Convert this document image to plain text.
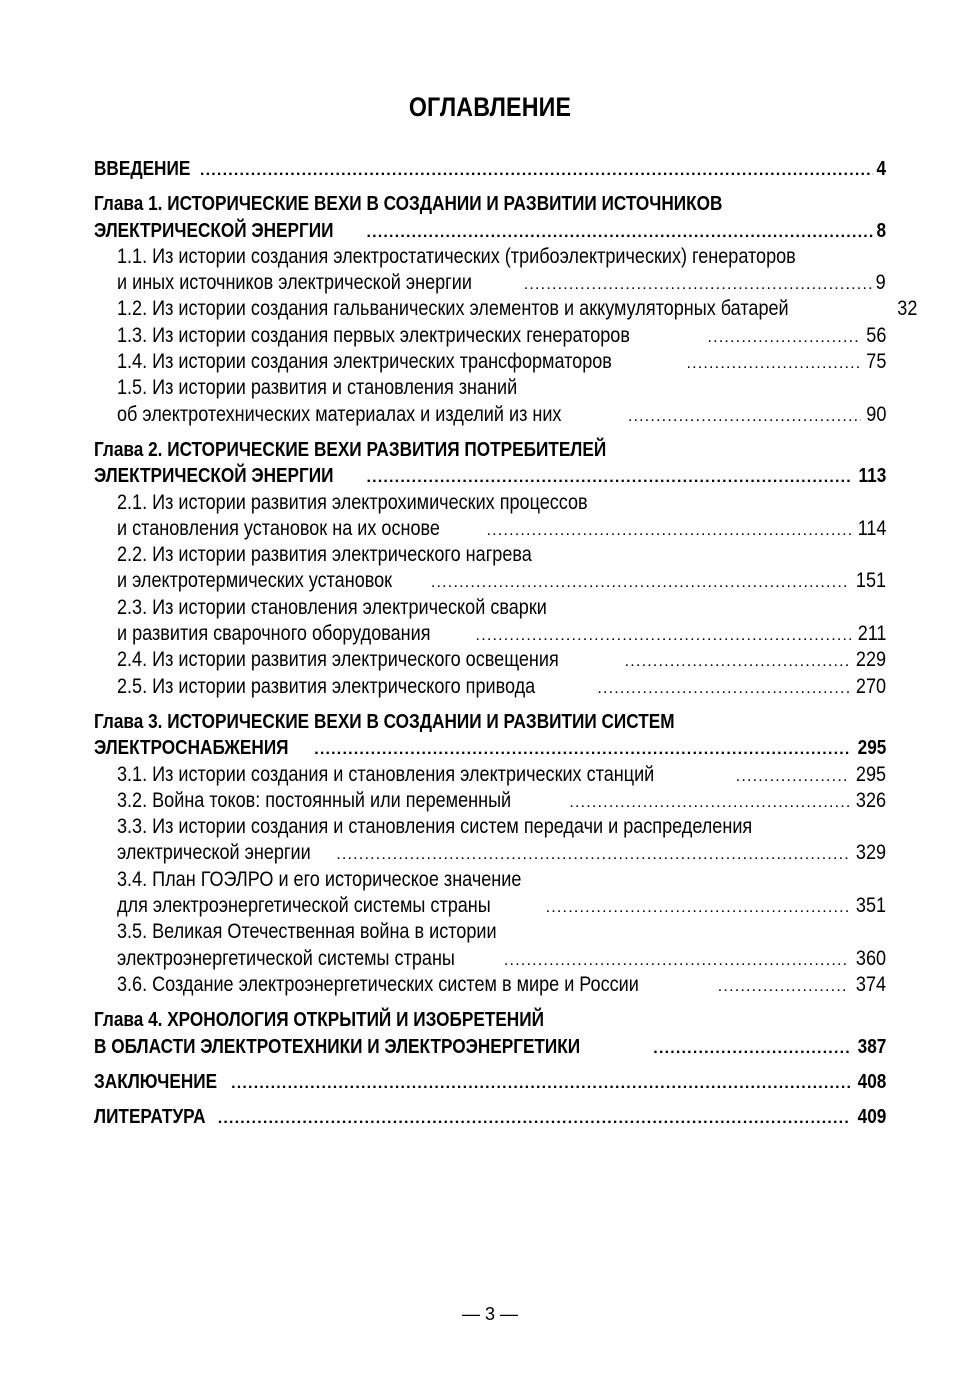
ОГЛАВЛЕНИЕ
ВВЕДЕНИЕ .....	4
Глава 1. ИСТОРИЧЕСКИЕ ВЕХИ В СОЗДАНИИ И РАЗВИТИИ ИСТОЧНИКОВ
ЭЛЕКТРИЧЕСКОЙ ЭНЕРГИИ .....	8
1.1. Из истории создания электростатических (трибоэлектрических) генераторов
и иных источников электрической энергии .....	9
1.2. Из истории создания гальванических элементов и аккумуляторных батарей	32
1.3. Из истории создания первых электрических генераторов .....	56
1.4. Из истории создания электрических трансформаторов .....	75
1.5. Из истории развития и становления знаний
об электротехнических материалах и изделий из них .....	90
Глава 2. ИСТОРИЧЕСКИЕ ВЕХИ РАЗВИТИЯ ПОТРЕБИТЕЛЕЙ
ЭЛЕКТРИЧЕСКОЙ ЭНЕРГИИ .....	113
2.1. Из истории развития электрохимических процессов
и становления установок на их основе .....	114
2.2. Из истории развития электрического нагрева
и электротермических установок .....	151
2.3. Из истории становления электрической сварки
и развития сварочного оборудования .....	211
2.4. Из истории развития электрического освещения .....	229
2.5. Из истории развития электрического привода .....	270
Глава 3. ИСТОРИЧЕСКИЕ ВЕХИ В СОЗДАНИИ И РАЗВИТИИ СИСТЕМ
ЭЛЕКТРОСНАБЖЕНИЯ .....	295
3.1. Из истории создания и становления электрических станций .....	295
3.2. Война токов: постоянный или переменный .....	326
3.3. Из истории создания и становления систем передачи и распределения
электрической энергии .....	329
3.4. План ГОЭЛРО и его историческое значение
для электроэнергетической системы страны .....	351
3.5. Великая Отечественная война в истории
электроэнергетической системы страны .....	360
3.6. Создание электроэнергетических систем в мире и России .....	374
Глава 4. ХРОНОЛОГИЯ ОТКРЫТИЙ И ИЗОБРЕТЕНИЙ
В ОБЛАСТИ ЭЛЕКТРОТЕХНИКИ И ЭЛЕКТРОЭНЕРГЕТИКИ .....	387
ЗАКЛЮЧЕНИЕ .....	408
ЛИТЕРАТУРА .....	409
— 3 —
